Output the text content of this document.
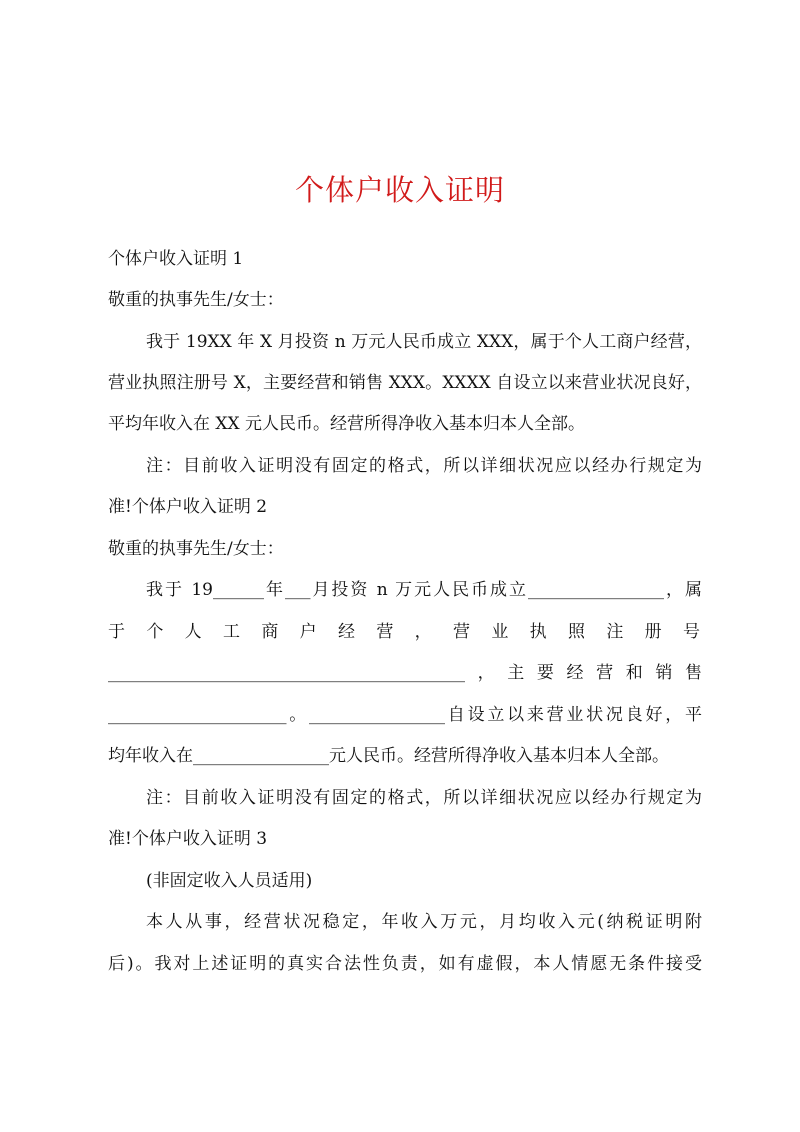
个体户收入证明
个体户收入证明 1
敬重的执事先生/女士：
我于 19XX 年 X 月投资 n 万元人民币成立 XXX，属于个人工商户经营，
营业执照注册号 X，主要经营和销售 XXX。XXXX 自设立以来营业状况良好，
平均年收入在 XX 元人民币。经营所得净收入基本归本人全部。
注：目前收入证明没有固定的格式，所以详细状况应以经办行规定为
准!个体户收入证明 2
敬重的执事先生/女士：
我于 19______年___月投资 n 万元人民币成立________________，属
于个人工商户经营，营业执照注册号
__________________________________________，主要经营和销售
_____________________。________________自设立以来营业状况良好，平
均年收入在________________元人民币。经营所得净收入基本归本人全部。
注：目前收入证明没有固定的格式，所以详细状况应以经办行规定为
准!个体户收入证明 3
(非固定收入人员适用)
本人从事，经营状况稳定，年收入万元，月均收入元(纳税证明附
后)。我对上述证明的真实合法性负责，如有虚假，本人情愿无条件接受
